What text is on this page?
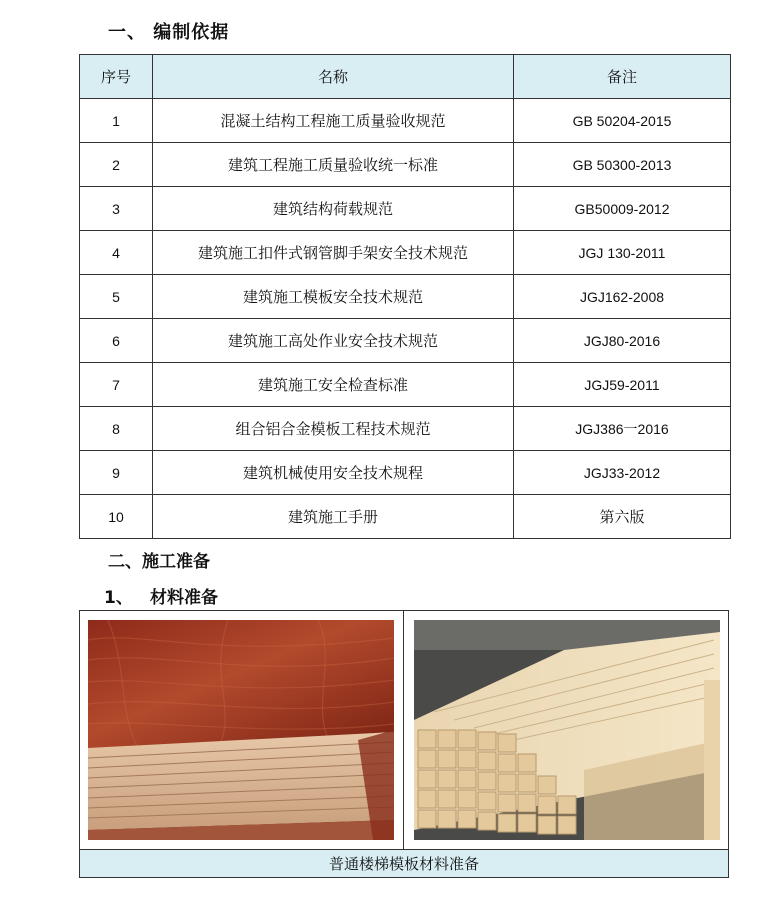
一、 编制依据
序号	名称	备注
1	混凝土结构工程施工质量验收规范	GB 50204-2015
2	建筑工程施工质量验收统一标准	GB 50300-2013
3	建筑结构荷载规范	GB50009-2012
4	建筑施工扣件式钢管脚手架安全技术规范	JGJ 130-2011
5	建筑施工模板安全技术规范	JGJ162-2008
6	建筑施工高处作业安全技术规范	JGJ80-2016
7	建筑施工安全检查标准	JGJ59-2011
8	组合铝合金模板工程技术规范	JGJ386一2016
9	建筑机械使用安全技术规程	JGJ33-2012
10	建筑施工手册	第六版
二、施工准备
1、 材料准备
普通楼梯模板材料准备
